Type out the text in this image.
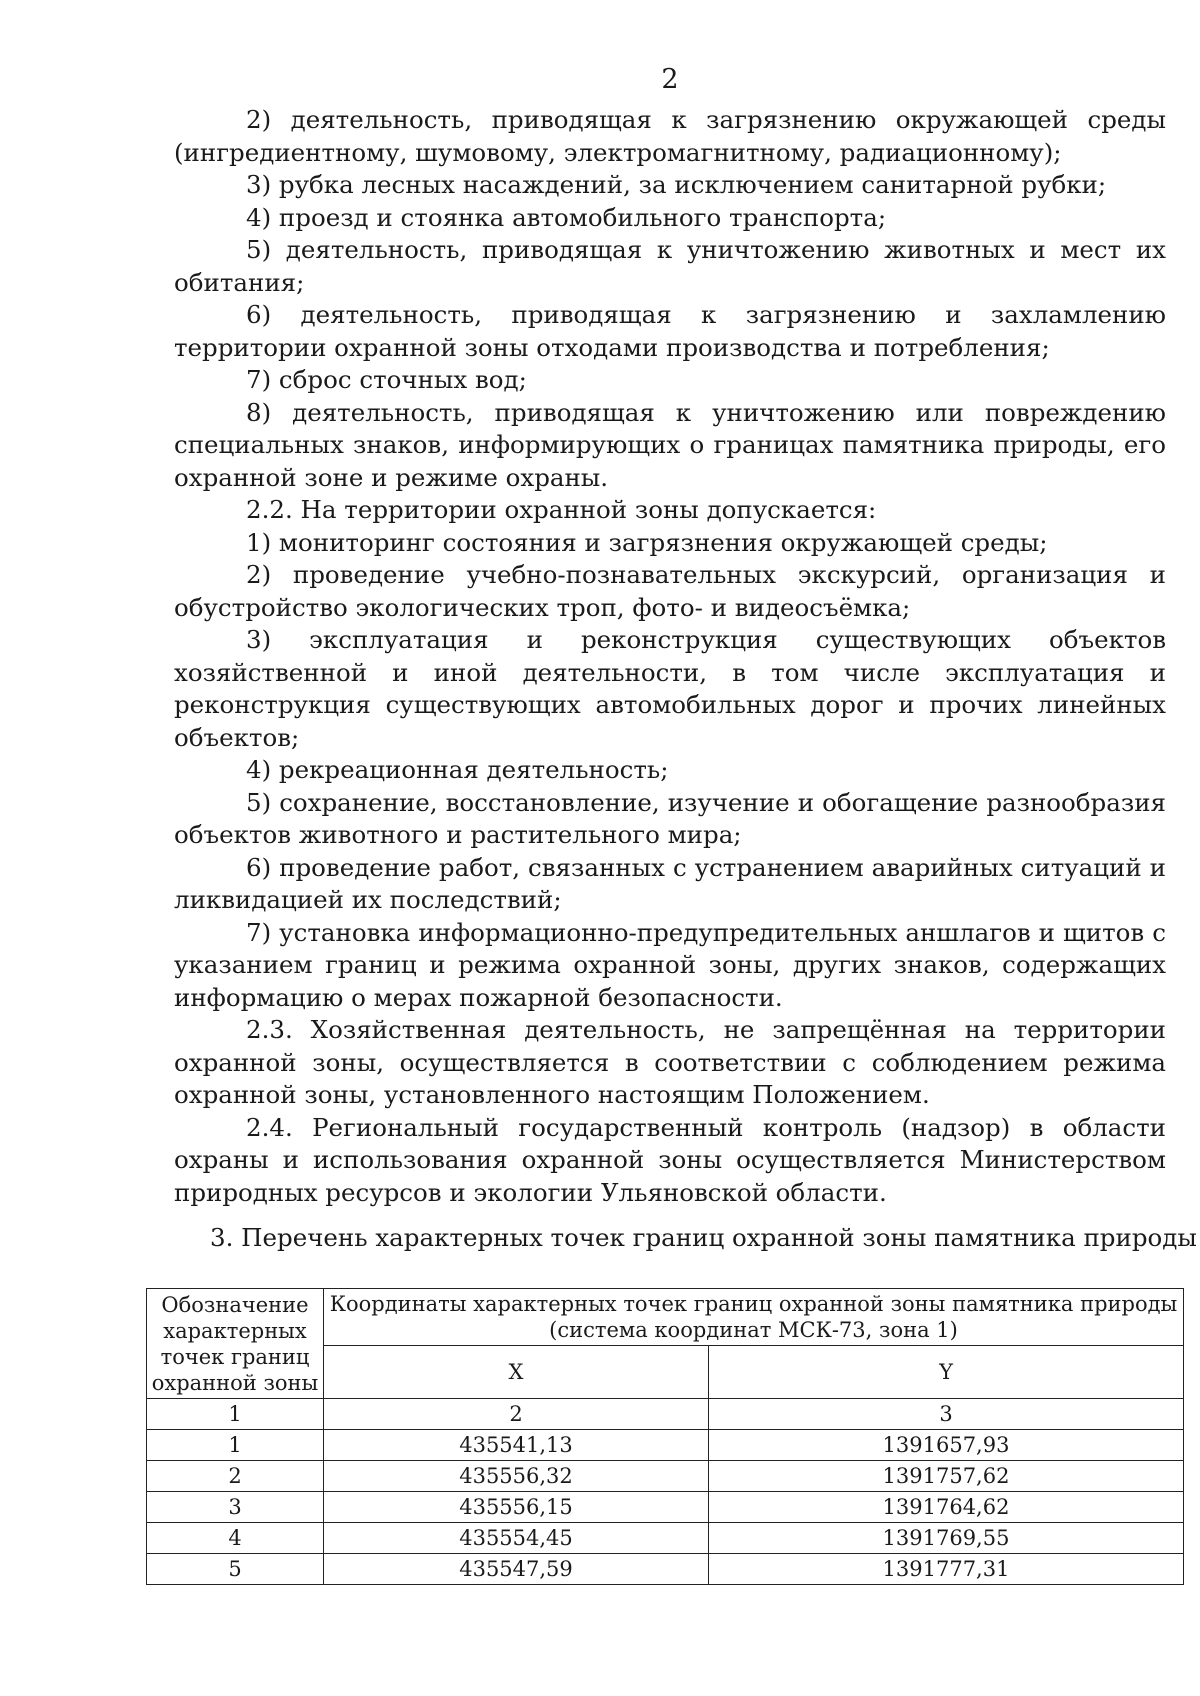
2

2) деятельность, приводящая к загрязнению окружающей среды (ингредиентному, шумовому, электромагнитному, радиационному);

3) рубка лесных насаждений, за исключением санитарной рубки;

4) проезд и стоянка автомобильного транспорта;

5) деятельность, приводящая к уничтожению животных и мест их обитания;

6) деятельность, приводящая к загрязнению и захламлению территории охранной зоны отходами производства и потребления;

7) сброс сточных вод;

8) деятельность, приводящая к уничтожению или повреждению специальных знаков, информирующих о границах памятника природы, его охранной зоне и режиме охраны.

2.2. На территории охранной зоны допускается:

1) мониторинг состояния и загрязнения окружающей среды;

2) проведение учебно-познавательных экскурсий, организация и обустройство экологических троп, фото- и видеосъёмка;

3) эксплуатация и реконструкция существующих объектов хозяйственной и иной деятельности, в том числе эксплуатация и реконструкция существующих автомобильных дорог и прочих линейных объектов;

4) рекреационная деятельность;

5) сохранение, восстановление, изучение и обогащение разнообразия объектов животного и растительного мира;

6) проведение работ, связанных с устранением аварийных ситуаций и ликвидацией их последствий;

7) установка информационно-предупредительных аншлагов и щитов с указанием границ и режима охранной зоны, других знаков, содержащих информацию о мерах пожарной безопасности.

2.3. Хозяйственная деятельность, не запрещённая на территории охранной зоны, осуществляется в соответствии с соблюдением режима охранной зоны, установленного настоящим Положением.

2.4. Региональный государственный контроль (надзор) в области охраны и использования охранной зоны осуществляется Министерством природных ресурсов и экологии Ульяновской области.

3. Перечень характерных точек границ охранной зоны памятника природы
Обозначение характерных точек границ охранной зоны	Координаты характерных точек границ охранной зоны памятника природы (система координат МСК-73, зона 1)	
	X	Y
1	2	3
1	435541,13	1391657,93
2	435556,32	1391757,62
3	435556,15	1391764,62
4	435554,45	1391769,55
5	435547,59	1391777,31
